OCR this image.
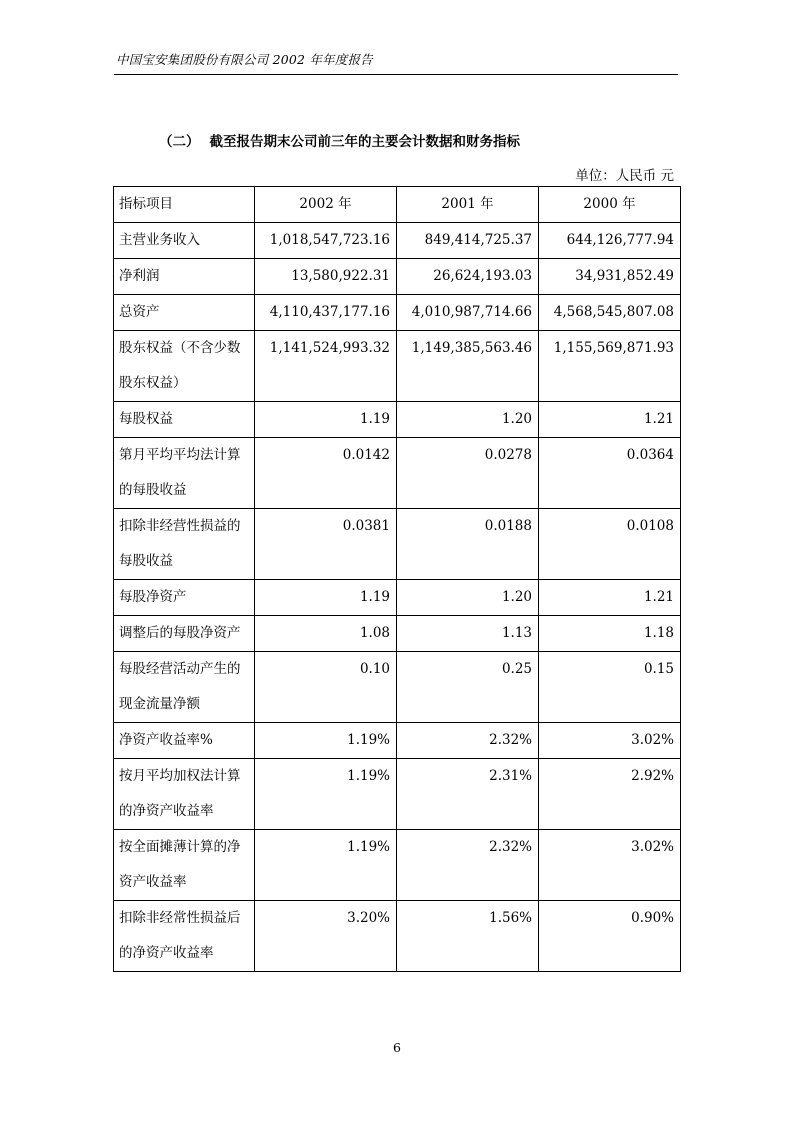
中国宝安集团股份有限公司 2002 年年度报告
（二） 截至报告期末公司前三年的主要会计数据和财务指标
单位：人民币 元
指标项目	2002 年	2001 年	2000 年
主营业务收入	1,018,547,723.16	849,414,725.37	644,126,777.94
净利润	13,580,922.31	26,624,193.03	34,931,852.49
总资产	4,110,437,177.16	4,010,987,714.66	4,568,545,807.08
股东权益（不含少数股东权益）	1,141,524,993.32	1,149,385,563.46	1,155,569,871.93
每股权益	1.19	1.20	1.21
第月平均平均法计算的每股收益	0.0142	0.0278	0.0364
扣除非经营性损益的每股收益	0.0381	0.0188	0.0108
每股净资产	1.19	1.20	1.21
调整后的每股净资产	1.08	1.13	1.18
每股经营活动产生的现金流量净额	0.10	0.25	0.15
净资产收益率%	1.19%	2.32%	3.02%
按月平均加权法计算的净资产收益率	1.19%	2.31%	2.92%
按全面摊薄计算的净资产收益率	1.19%	2.32%	3.02%
扣除非经常性损益后的净资产收益率	3.20%	1.56%	0.90%
6
